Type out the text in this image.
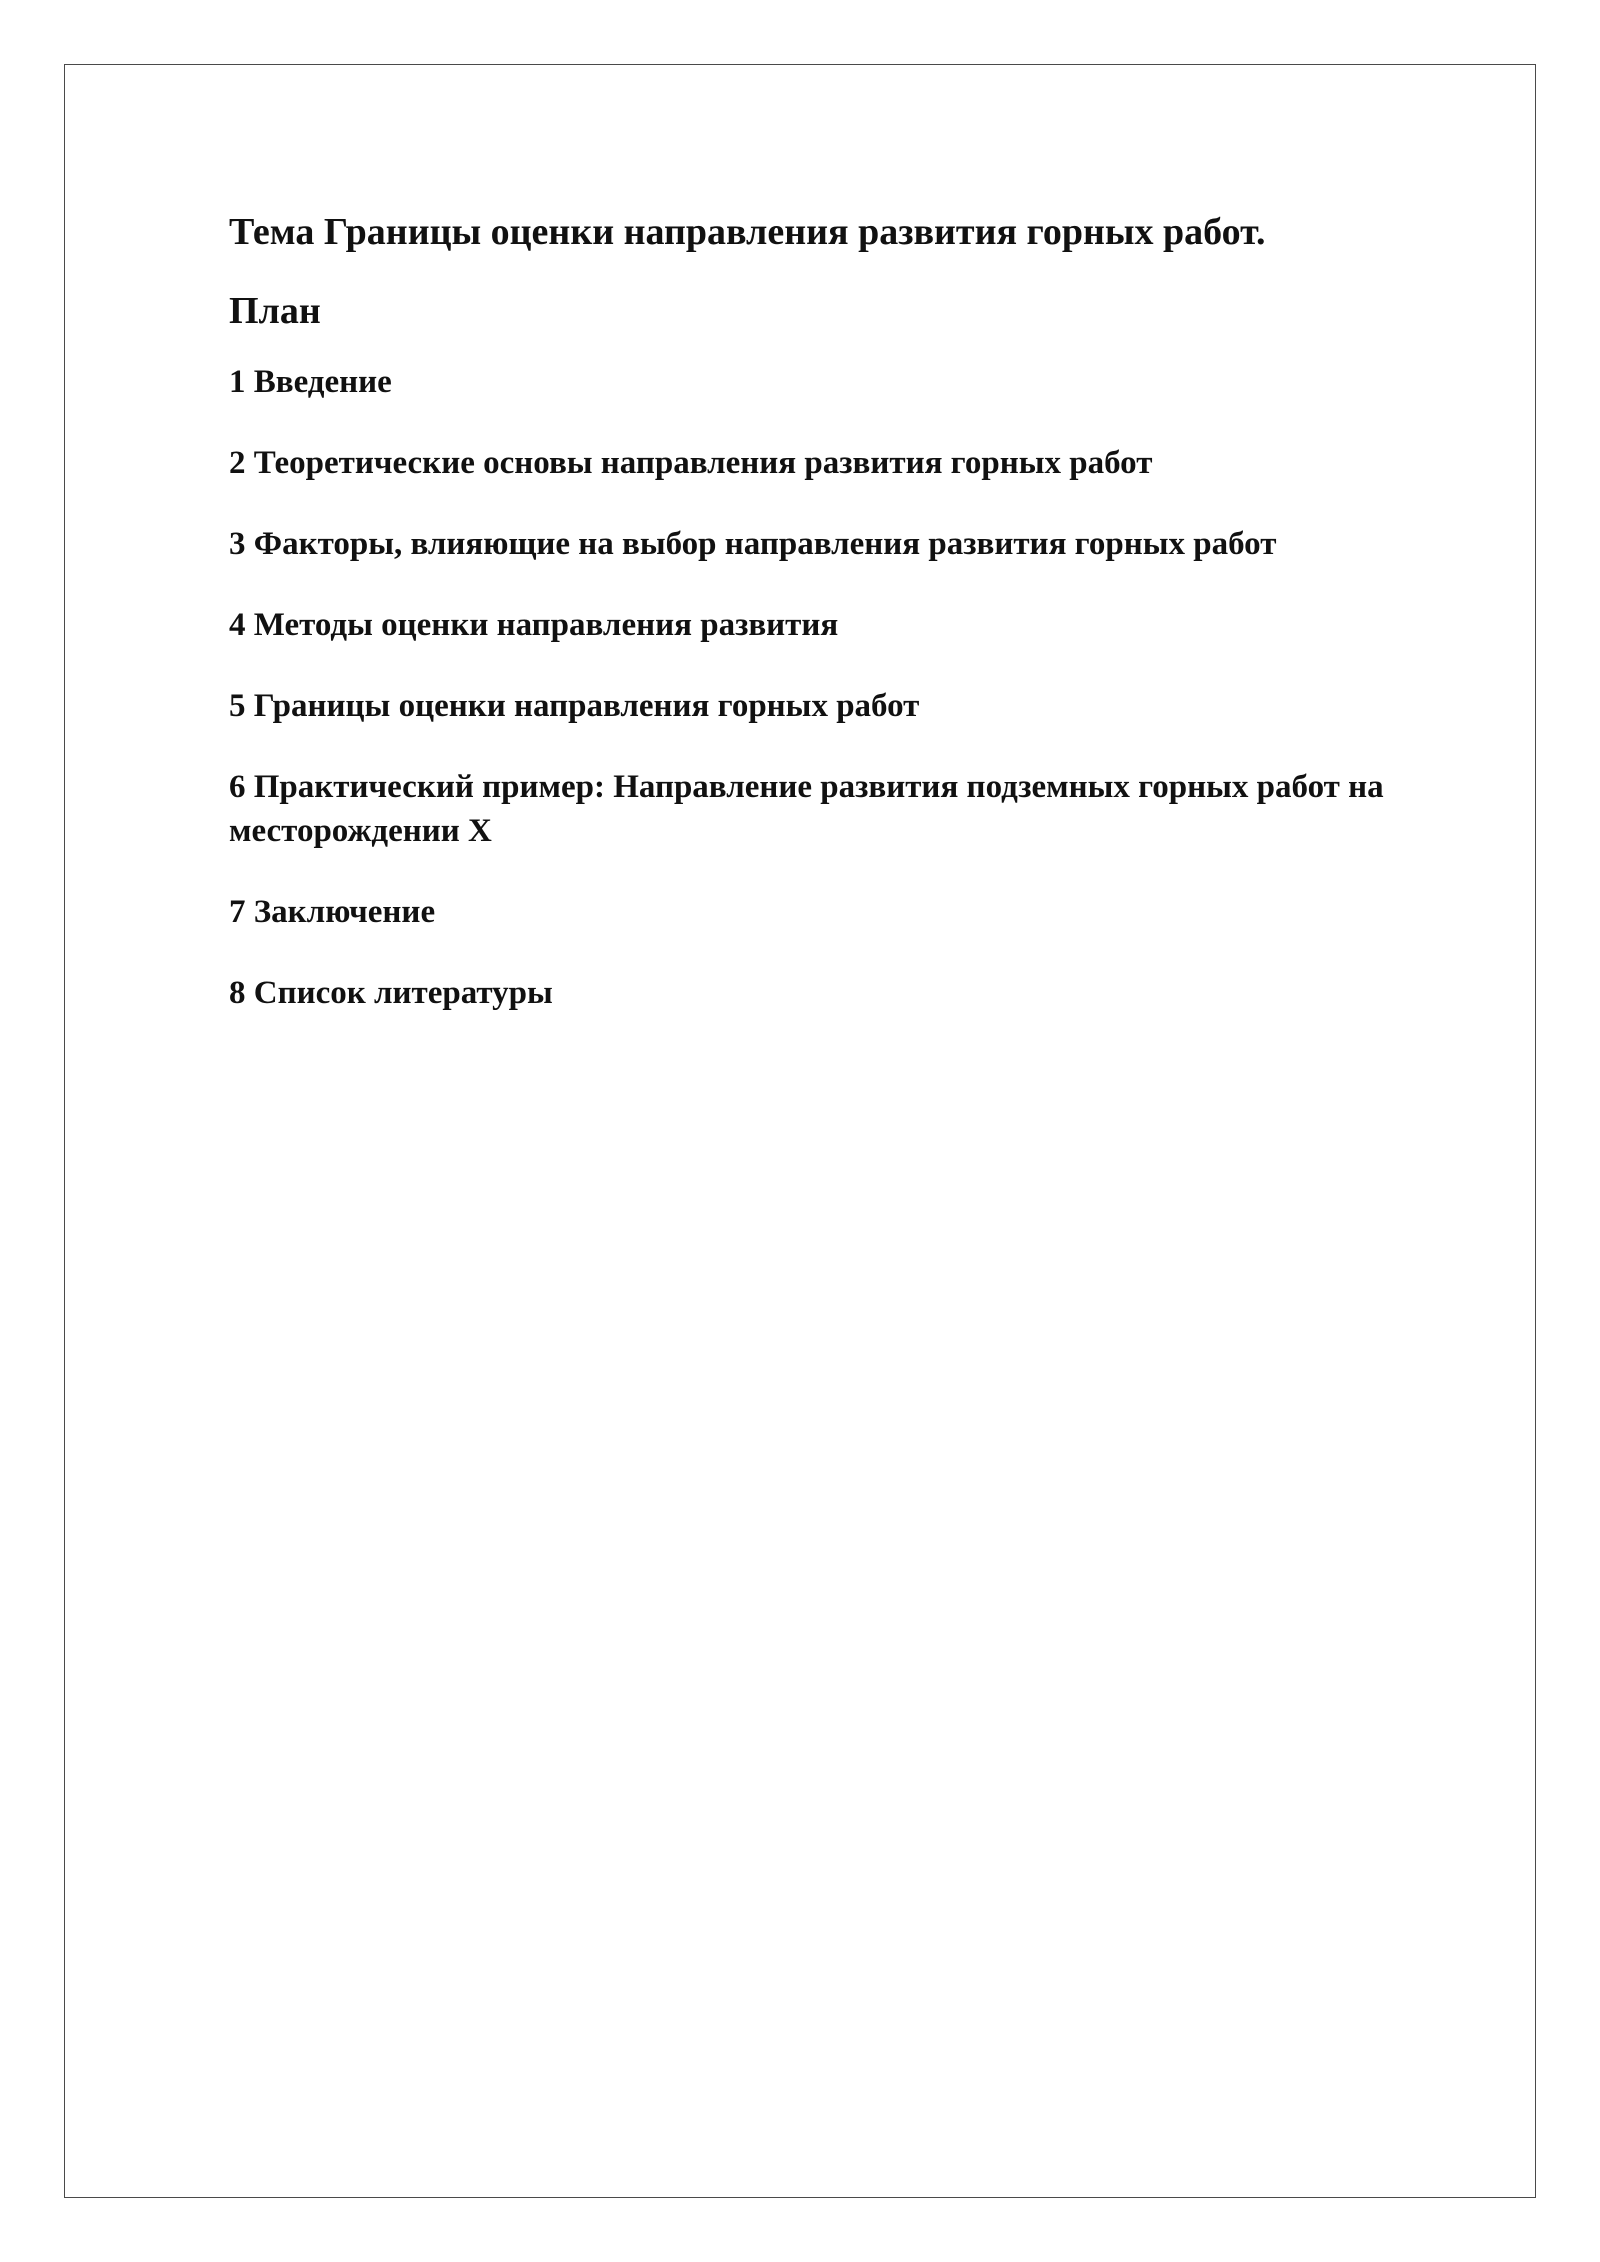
Тема Границы оценки направления развития горных работ.
План
1 Введение
2 Теоретические основы направления развития горных работ
3 Факторы, влияющие на выбор направления развития горных работ
4 Методы оценки направления развития
5 Границы оценки направления горных работ
6 Практический пример: Направление развития подземных горных работ на месторождении X
7 Заключение
8 Список литературы
